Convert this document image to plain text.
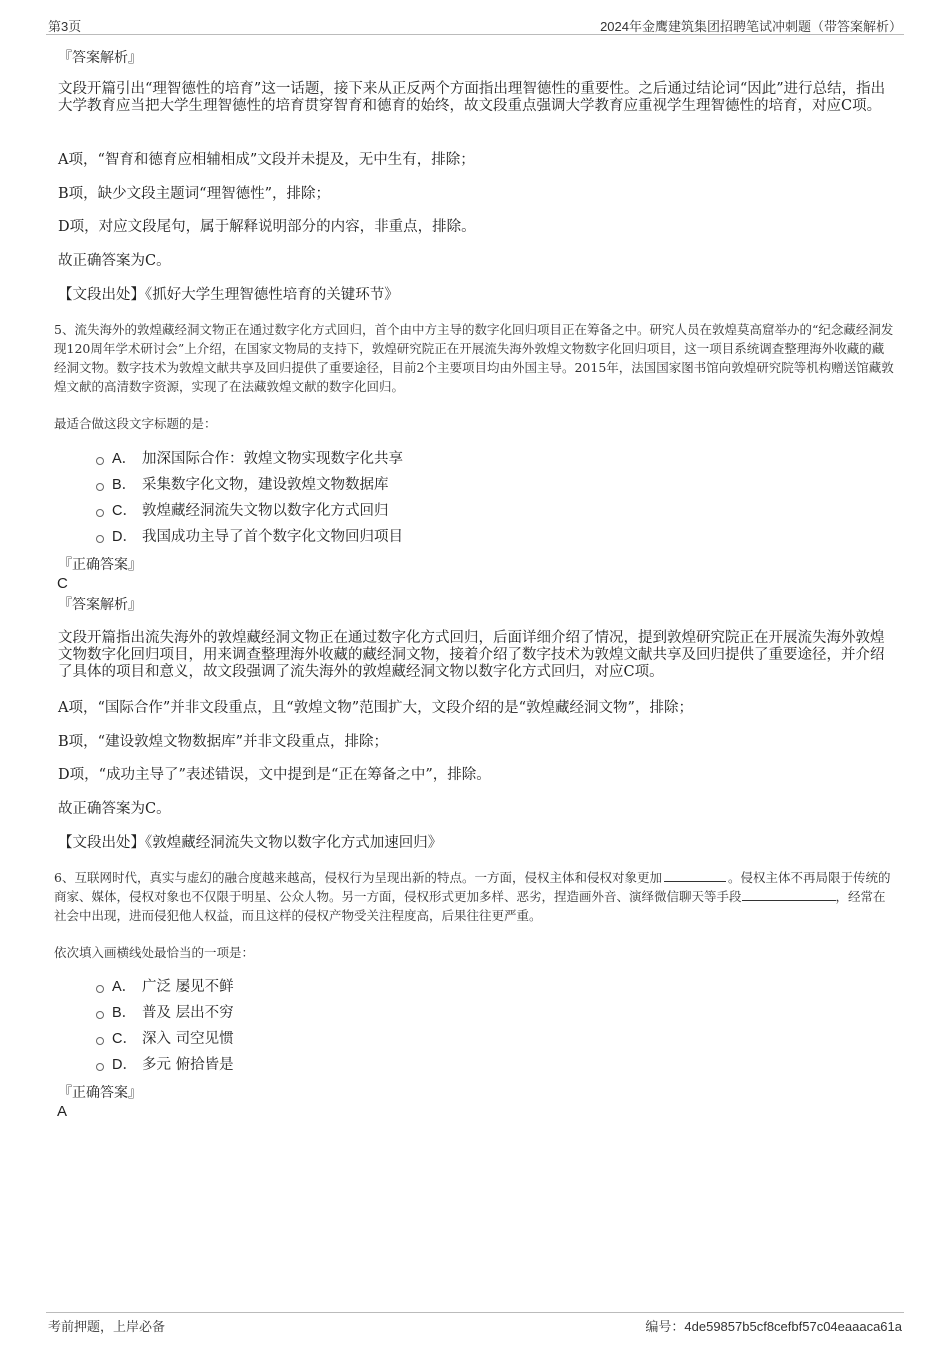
第3页	2024年金鹰建筑集团招聘笔试冲刺题（带答案解析）
『答案解析』
文段开篇引出“理智德性的培育”这一话题，接下来从正反两个方面指出理智德性的重要性。之后通过结论词“因此”进行总结，指出大学教育应当把大学生理智德性的培育贯穿智育和德育的始终，故文段重点强调大学教育应重视学生理智德性的培育，对应C项。
A项，“智育和德育应相辅相成”文段并未提及，无中生有，排除；
B项，缺少文段主题词“理智德性”，排除；
D项，对应文段尾句，属于解释说明部分的内容，非重点，排除。
故正确答案为C。
【文段出处】《抓好大学生理智德性培育的关键环节》
5、流失海外的敦煌藏经洞文物正在通过数字化方式回归，首个由中方主导的数字化回归项目正在筹备之中。研究人员在敦煌莫高窟举办的“纪念藏经洞发现120周年学术研讨会”上介绍，在国家文物局的支持下，敦煌研究院正在开展流失海外敦煌文物数字化回归项目，这一项目系统调查整理海外收藏的藏经洞文物。数字技术为敦煌文献共享及回归提供了重要途径，目前2个主要项目均由外国主导。2015年，法国国家图书馆向敦煌研究院等机构赠送馆藏敦煌文献的高清数字资源，实现了在法藏敦煌文献的数字化回归。
最适合做这段文字标题的是：
A． 加深国际合作：敦煌文物实现数字化共享
B． 采集数字化文物，建设敦煌文物数据库
C． 敦煌藏经洞流失文物以数字化方式回归
D． 我国成功主导了首个数字化文物回归项目
『正确答案』
C
『答案解析』
文段开篇指出流失海外的敦煌藏经洞文物正在通过数字化方式回归，后面详细介绍了情况，提到敦煌研究院正在开展流失海外敦煌文物数字化回归项目，用来调查整理海外收藏的藏经洞文物，接着介绍了数字技术为敦煌文献共享及回归提供了重要途径，并介绍了具体的项目和意义，故文段强调了流失海外的敦煌藏经洞文物以数字化方式回归，对应C项。
A项，“国际合作”并非文段重点，且“敦煌文物”范围扩大，文段介绍的是“敦煌藏经洞文物”，排除；
B项，“建设敦煌文物数据库”并非文段重点，排除；
D项，“成功主导了”表述错误，文中提到是“正在筹备之中”，排除。
故正确答案为C。
【文段出处】《敦煌藏经洞流失文物以数字化方式加速回归》
6、互联网时代，真实与虚幻的融合度越来越高，侵权行为呈现出新的特点。一方面，侵权主体和侵权对象更加	。侵权主体不再局限于传统的商家、媒体，侵权对象也不仅限于明星、公众人物。另一方面，侵权形式更加多样、恶劣，捏造画外音、演绎微信聊天等手段	，经常在社会中出现，进而侵犯他人权益，而且这样的侵权产物受关注程度高，后果往往更严重。
依次填入画横线处最恰当的一项是：
A． 广泛 屡见不鲜
B． 普及 层出不穷
C． 深入 司空见惯
D． 多元 俯拾皆是
『正确答案』
A
考前押题，上岸必备	编号：4de59857b5cf8cefbf57c04eaaaca61a
